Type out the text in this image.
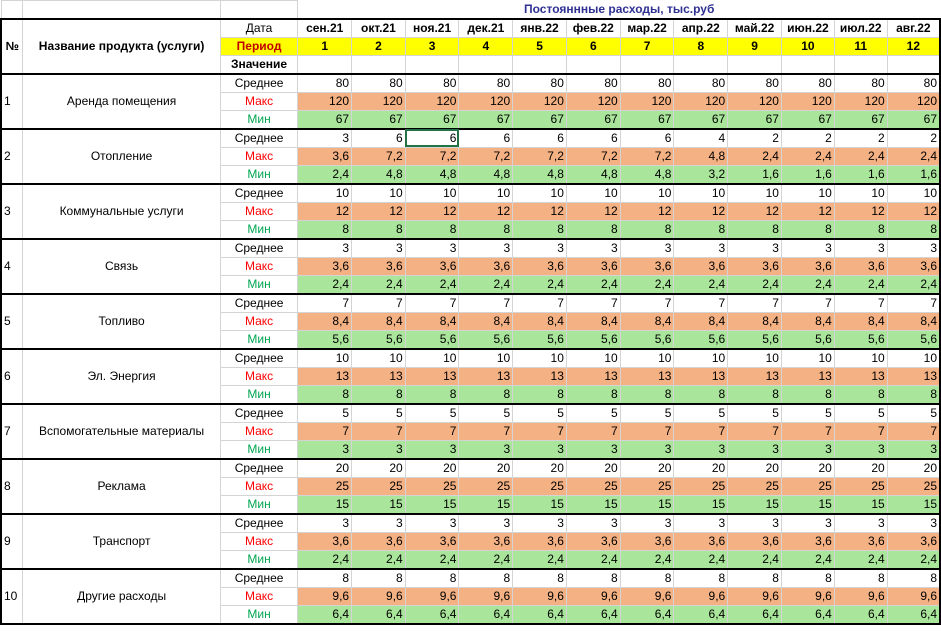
			Постояннные расходы, тыс.руб											
№	Название продукта (услуги)	Дата	сен.21	окт.21	ноя.21	дек.21	янв.22	фев.22	мар.22	апр.22	май.22	июн.22	июл.22	авг.22
		Период	1	2	3	4	5	6	7	8	9	10	11	12
		Значение												
1	Аренда помещения	Среднее	80	80	80	80	80	80	80	80	80	80	80	80
		Макс	120	120	120	120	120	120	120	120	120	120	120	120
		Мин	67	67	67	67	67	67	67	67	67	67	67	67
2	Отопление	Среднее	3	6	6	6	6	6	6	4	2	2	2	2
		Макс	3,6	7,2	7,2	7,2	7,2	7,2	7,2	4,8	2,4	2,4	2,4	2,4
		Мин	2,4	4,8	4,8	4,8	4,8	4,8	4,8	3,2	1,6	1,6	1,6	1,6
3	Коммунальные услуги	Среднее	10	10	10	10	10	10	10	10	10	10	10	10
		Макс	12	12	12	12	12	12	12	12	12	12	12	12
		Мин	8	8	8	8	8	8	8	8	8	8	8	8
4	Связь	Среднее	3	3	3	3	3	3	3	3	3	3	3	3
		Макс	3,6	3,6	3,6	3,6	3,6	3,6	3,6	3,6	3,6	3,6	3,6	3,6
		Мин	2,4	2,4	2,4	2,4	2,4	2,4	2,4	2,4	2,4	2,4	2,4	2,4
5	Топливо	Среднее	7	7	7	7	7	7	7	7	7	7	7	7
		Макс	8,4	8,4	8,4	8,4	8,4	8,4	8,4	8,4	8,4	8,4	8,4	8,4
		Мин	5,6	5,6	5,6	5,6	5,6	5,6	5,6	5,6	5,6	5,6	5,6	5,6
6	Эл. Энергия	Среднее	10	10	10	10	10	10	10	10	10	10	10	10
		Макс	13	13	13	13	13	13	13	13	13	13	13	13
		Мин	8	8	8	8	8	8	8	8	8	8	8	8
7	Вспомогательные материалы	Среднее	5	5	5	5	5	5	5	5	5	5	5	5
		Макс	7	7	7	7	7	7	7	7	7	7	7	7
		Мин	3	3	3	3	3	3	3	3	3	3	3	3
8	Реклама	Среднее	20	20	20	20	20	20	20	20	20	20	20	20
		Макс	25	25	25	25	25	25	25	25	25	25	25	25
		Мин	15	15	15	15	15	15	15	15	15	15	15	15
9	Транспорт	Среднее	3	3	3	3	3	3	3	3	3	3	3	3
		Макс	3,6	3,6	3,6	3,6	3,6	3,6	3,6	3,6	3,6	3,6	3,6	3,6
		Мин	2,4	2,4	2,4	2,4	2,4	2,4	2,4	2,4	2,4	2,4	2,4	2,4
10	Другие расходы	Среднее	8	8	8	8	8	8	8	8	8	8	8	8
		Макс	9,6	9,6	9,6	9,6	9,6	9,6	9,6	9,6	9,6	9,6	9,6	9,6
		Мин	6,4	6,4	6,4	6,4	6,4	6,4	6,4	6,4	6,4	6,4	6,4	6,4
